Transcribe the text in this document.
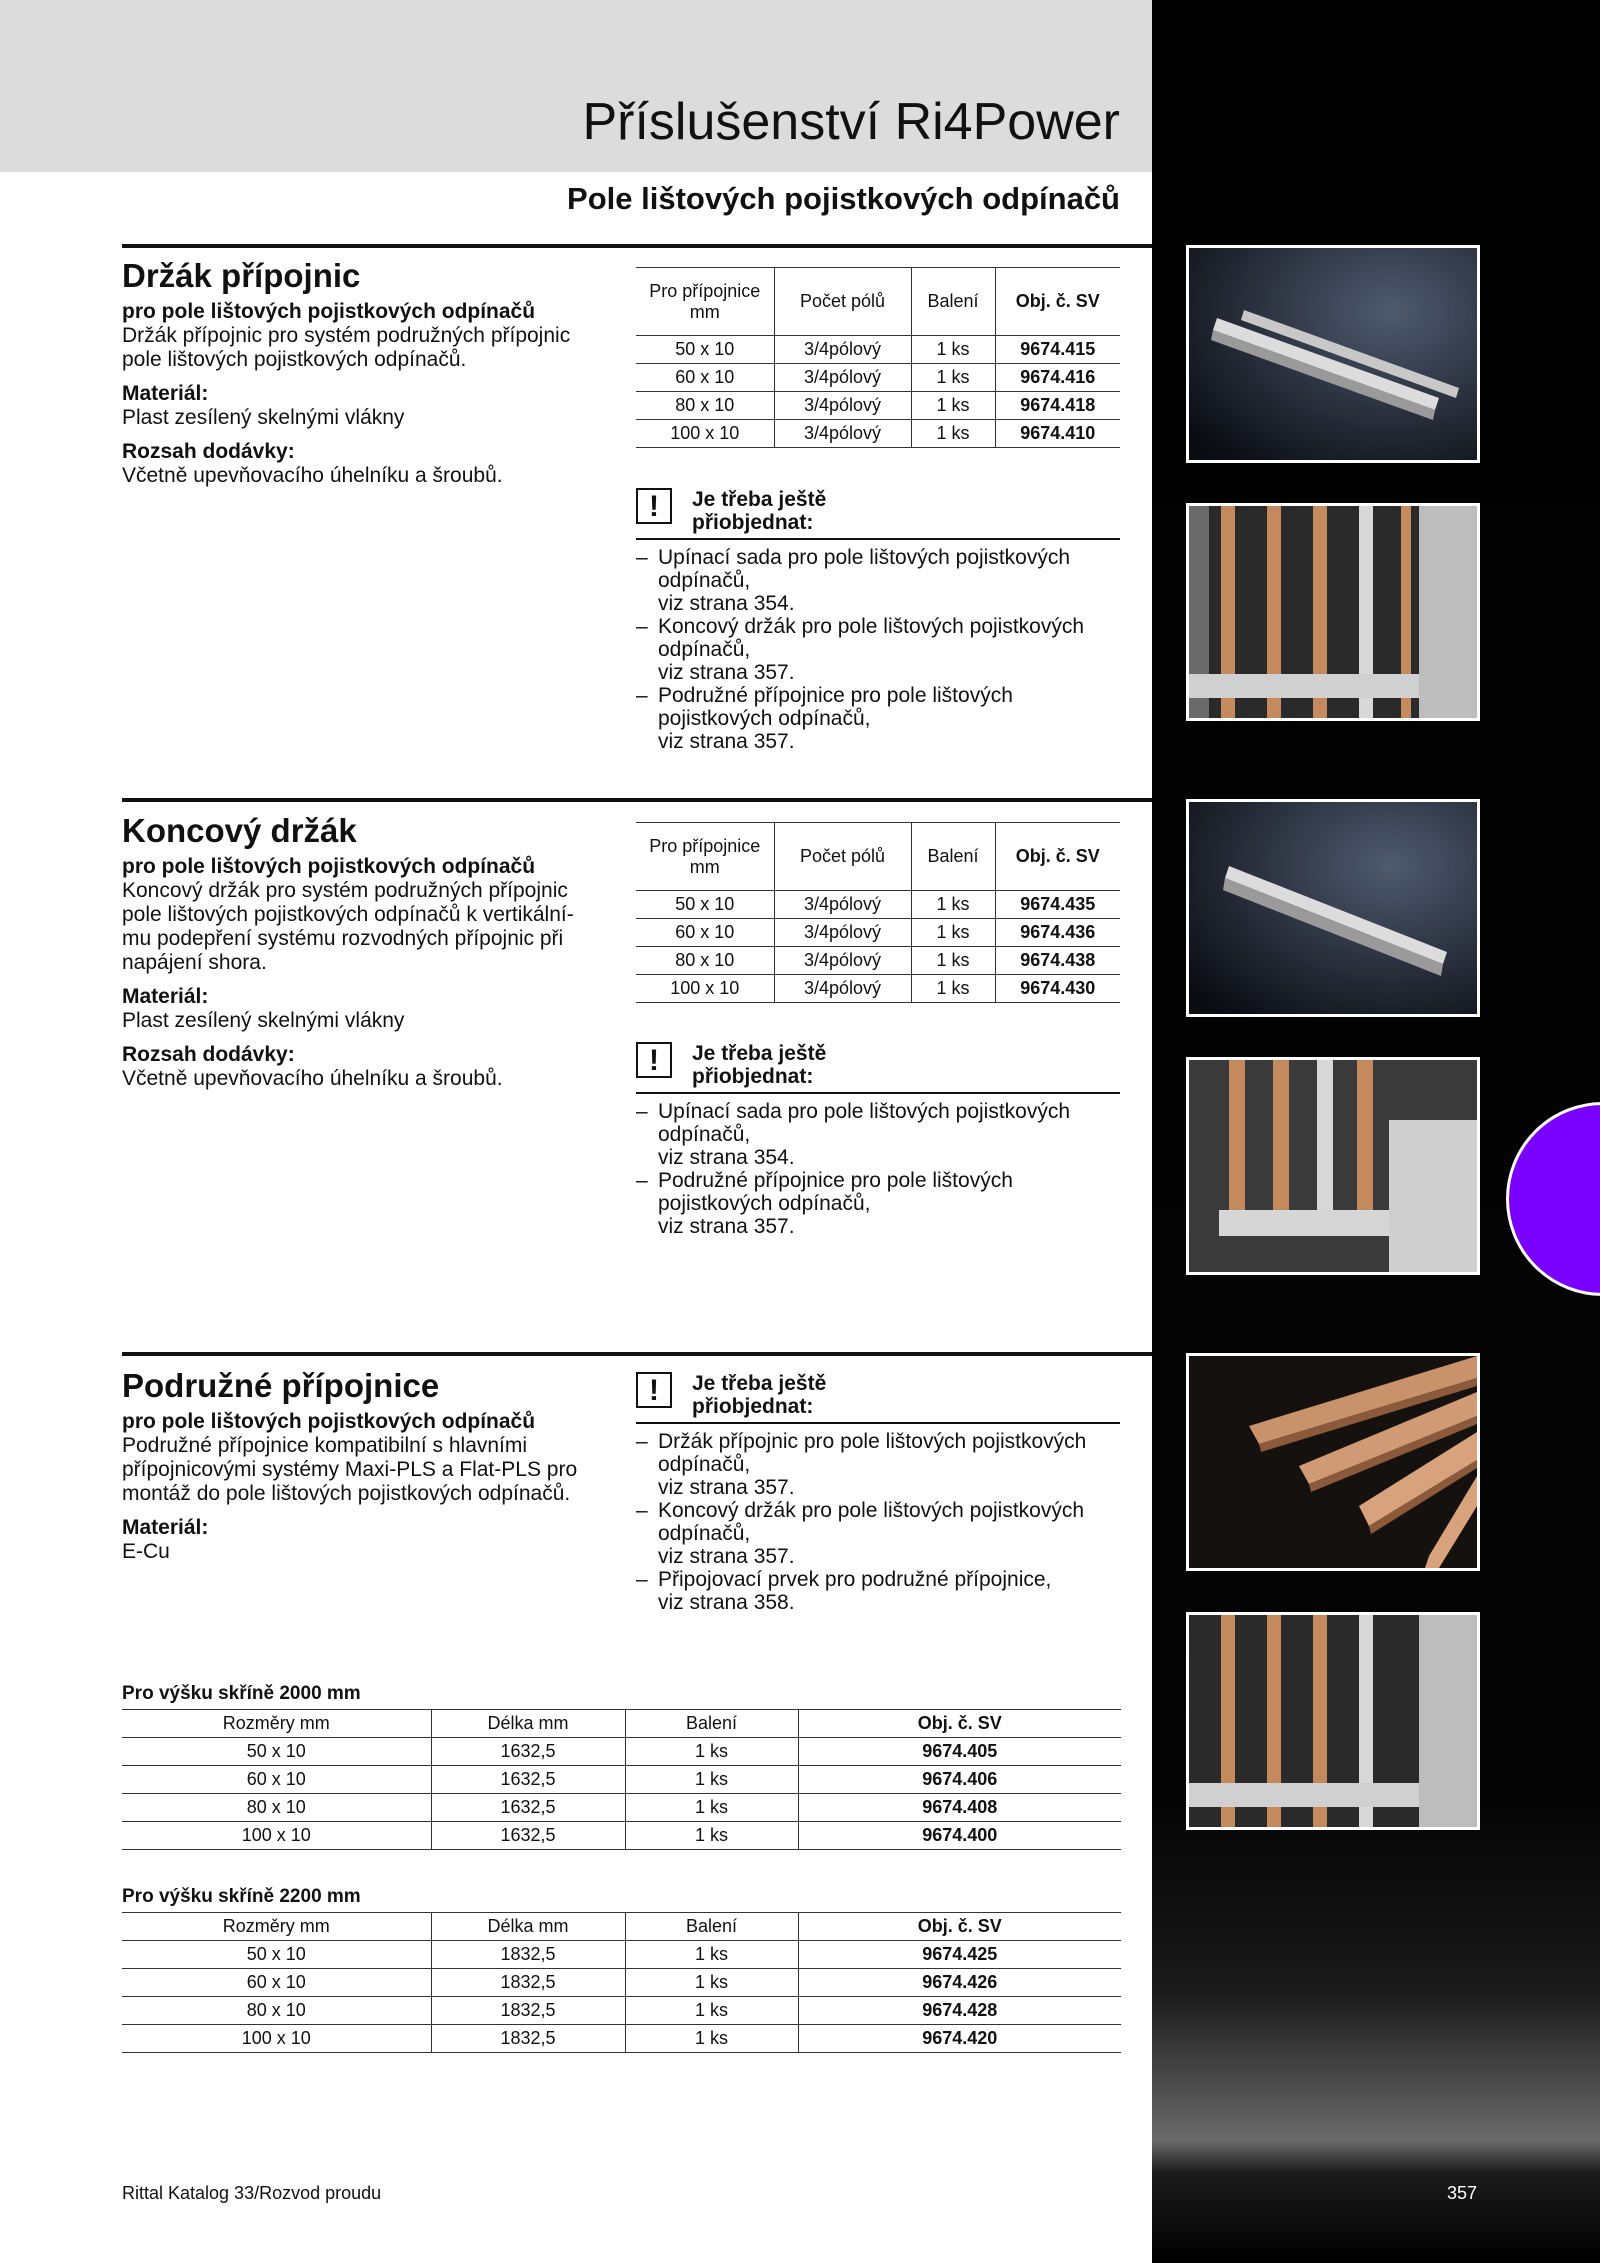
Příslušenství Ri4Power
Pole lištových pojistkových odpínačů
Držák přípojnic
pro pole lištových pojistkových odpínačů

Držák přípojnic pro systém podružných přípojnic pole lištových pojistkových odpínačů.

Materiál:

Plast zesílený skelnými vlákny

Rozsah dodávky:

Včetně upevňovacího úhelníku a šroubů.

Pro přípojnice mm	Počet pólů	Balení	Obj. č. SV
50 x 10	3/4pólový	1 ks	9674.415
60 x 10	3/4pólový	1 ks	9674.416
80 x 10	3/4pólový	1 ks	9674.418
100 x 10	3/4pólový	1 ks	9674.410
!	Je třeba ještě přiobjednat:
– Upínací sada pro pole lištových pojistkových odpínačů,
viz strana 354.
– Koncový držák pro pole lištových pojistkových odpínačů,
viz strana 357.
– Podružné přípojnice pro pole lištových pojistkových odpínačů,
viz strana 357.
Koncový držák
pro pole lištových pojistkových odpínačů

Koncový držák pro systém podružných přípojnic pole lištových pojistkových odpínačů k vertikální-mu podepření systému rozvodných přípojnic při napájení shora.

Materiál:

Plast zesílený skelnými vlákny

Rozsah dodávky:

Včetně upevňovacího úhelníku a šroubů.

Pro přípojnice mm	Počet pólů	Balení	Obj. č. SV
50 x 10	3/4pólový	1 ks	9674.435
60 x 10	3/4pólový	1 ks	9674.436
80 x 10	3/4pólový	1 ks	9674.438
100 x 10	3/4pólový	1 ks	9674.430
!	Je třeba ještě přiobjednat:
– Upínací sada pro pole lištových pojistkových odpínačů,
viz strana 354.
– Podružné přípojnice pro pole lištových pojistkových odpínačů,
viz strana 357.
Podružné přípojnice
pro pole lištových pojistkových odpínačů

Podružné přípojnice kompatibilní s hlavními přípojnicovými systémy Maxi-PLS a Flat-PLS pro montáž do pole lištových pojistkových odpínačů.

Materiál:

E-Cu

!	Je třeba ještě přiobjednat:
– Držák přípojnic pro pole lištových pojistkových odpínačů,
viz strana 357.
– Koncový držák pro pole lištových pojistkových odpínačů,
viz strana 357.
– Připojovací prvek pro podružné přípojnice,
viz strana 358.
Pro výšku skříně 2000 mm
Rozměry mm	Délka mm	Balení	Obj. č. SV
50 x 10	1632,5	1 ks	9674.405
60 x 10	1632,5	1 ks	9674.406
80 x 10	1632,5	1 ks	9674.408
100 x 10	1632,5	1 ks	9674.400
Pro výšku skříně 2200 mm
Rozměry mm	Délka mm	Balení	Obj. č. SV
50 x 10	1832,5	1 ks	9674.425
60 x 10	1832,5	1 ks	9674.426
80 x 10	1832,5	1 ks	9674.428
100 x 10	1832,5	1 ks	9674.420
Rittal Katalog 33/Rozvod proudu	357
